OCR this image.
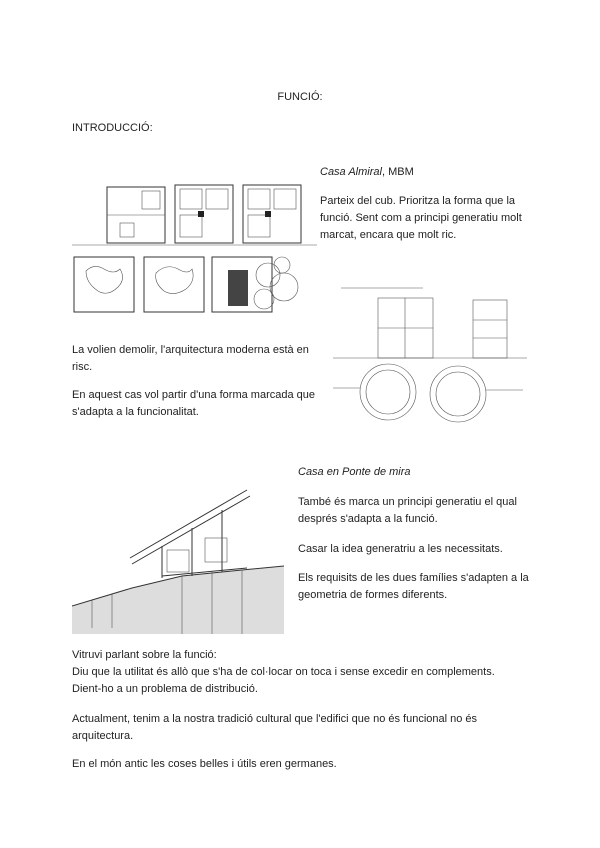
FUNCIÓ:
INTRODUCCIÓ:

Casa Almiral, MBM

Parteix del cub. Prioritza la forma que la funció. Sent com a principi generatiu molt marcat, encara que molt ric.

La volien demolir, l'arquitectura moderna està en risc.

En aquest cas vol partir d'una forma marcada que s'adapta a la funcionalitat.

Casa en Ponte de mira

També és marca un principi generatiu el qual després s'adapta a la funció.

Casar la idea generatriu a les necessitats.

Els requisits de les dues famílies s'adapten a la geometria de formes diferents.

Vitruvi parlant sobre la funció:

Diu que la utilitat és allò que s'ha de col·locar on toca i sense excedir en complements.

Dient-ho a un problema de distribució.

Actualment, tenim a la nostra tradició cultural que l'edifici que no és funcional no és arquitectura.

En el món antic les coses belles i útils eren germanes.
